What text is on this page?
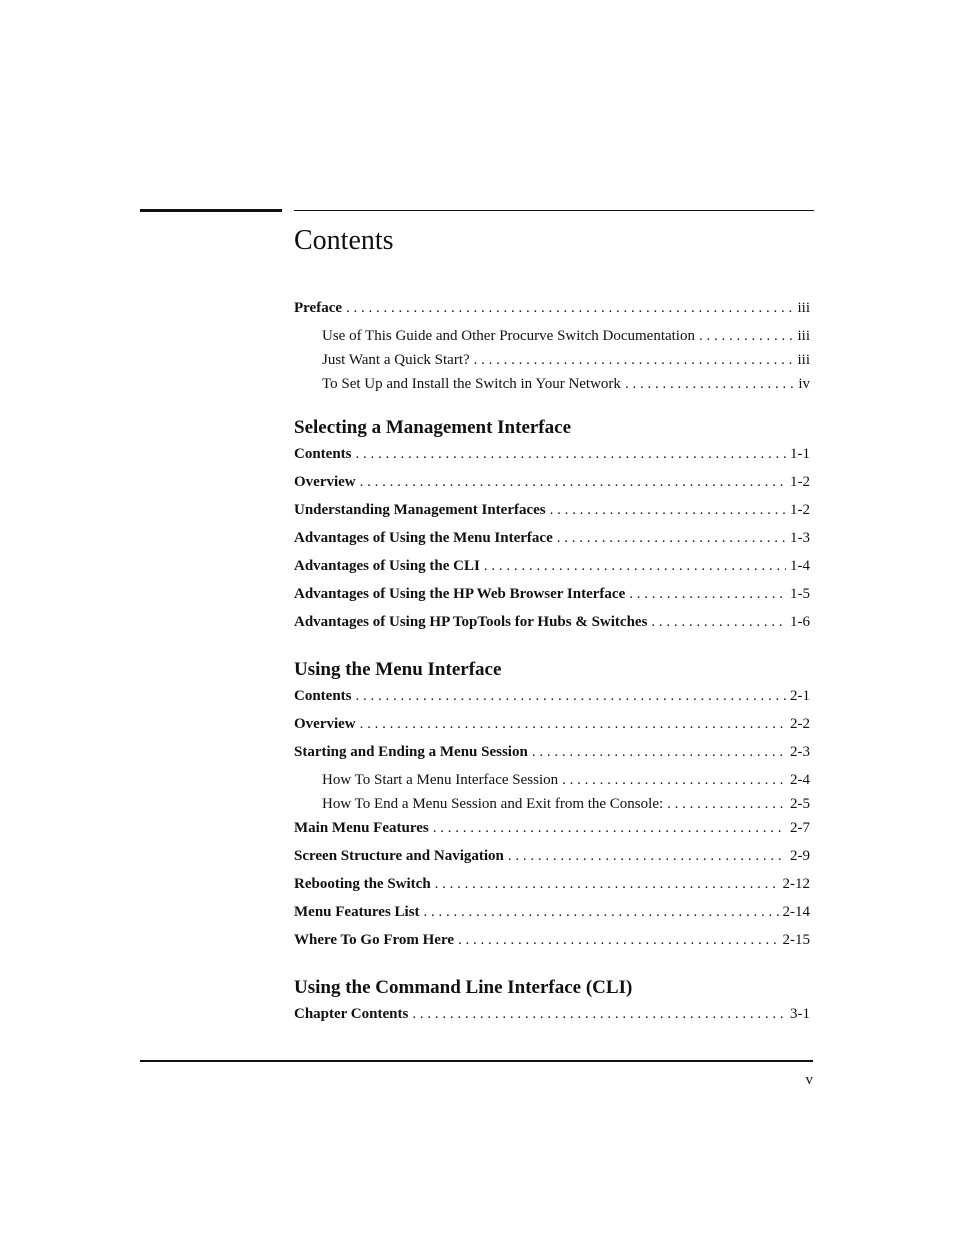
Contents
Preface . . .	iii
Use of This Guide and Other Procurve Switch Documentation . . .	iii
Just Want a Quick Start? . . .	iii
To Set Up and Install the Switch in Your Network . . .	iv
Selecting a Management Interface
Contents . . .	1-1
Overview . . .	1-2
Understanding Management Interfaces . . .	1-2
Advantages of Using the Menu Interface . . .	1-3
Advantages of Using the CLI . . .	1-4
Advantages of Using the HP Web Browser Interface . . .	1-5
Advantages of Using HP TopTools for Hubs & Switches . . .	1-6
Using the Menu Interface
Contents . . .	2-1
Overview . . .	2-2
Starting and Ending a Menu Session . . .	2-3
How To Start a Menu Interface Session . . .	2-4
How To End a Menu Session and Exit from the Console: . . .	2-5
Main Menu Features . . .	2-7
Screen Structure and Navigation . . .	2-9
Rebooting the Switch . . .	2-12
Menu Features List . . .	2-14
Where To Go From Here . . .	2-15
Using the Command Line Interface (CLI)
Chapter Contents . . .	3-1
v
